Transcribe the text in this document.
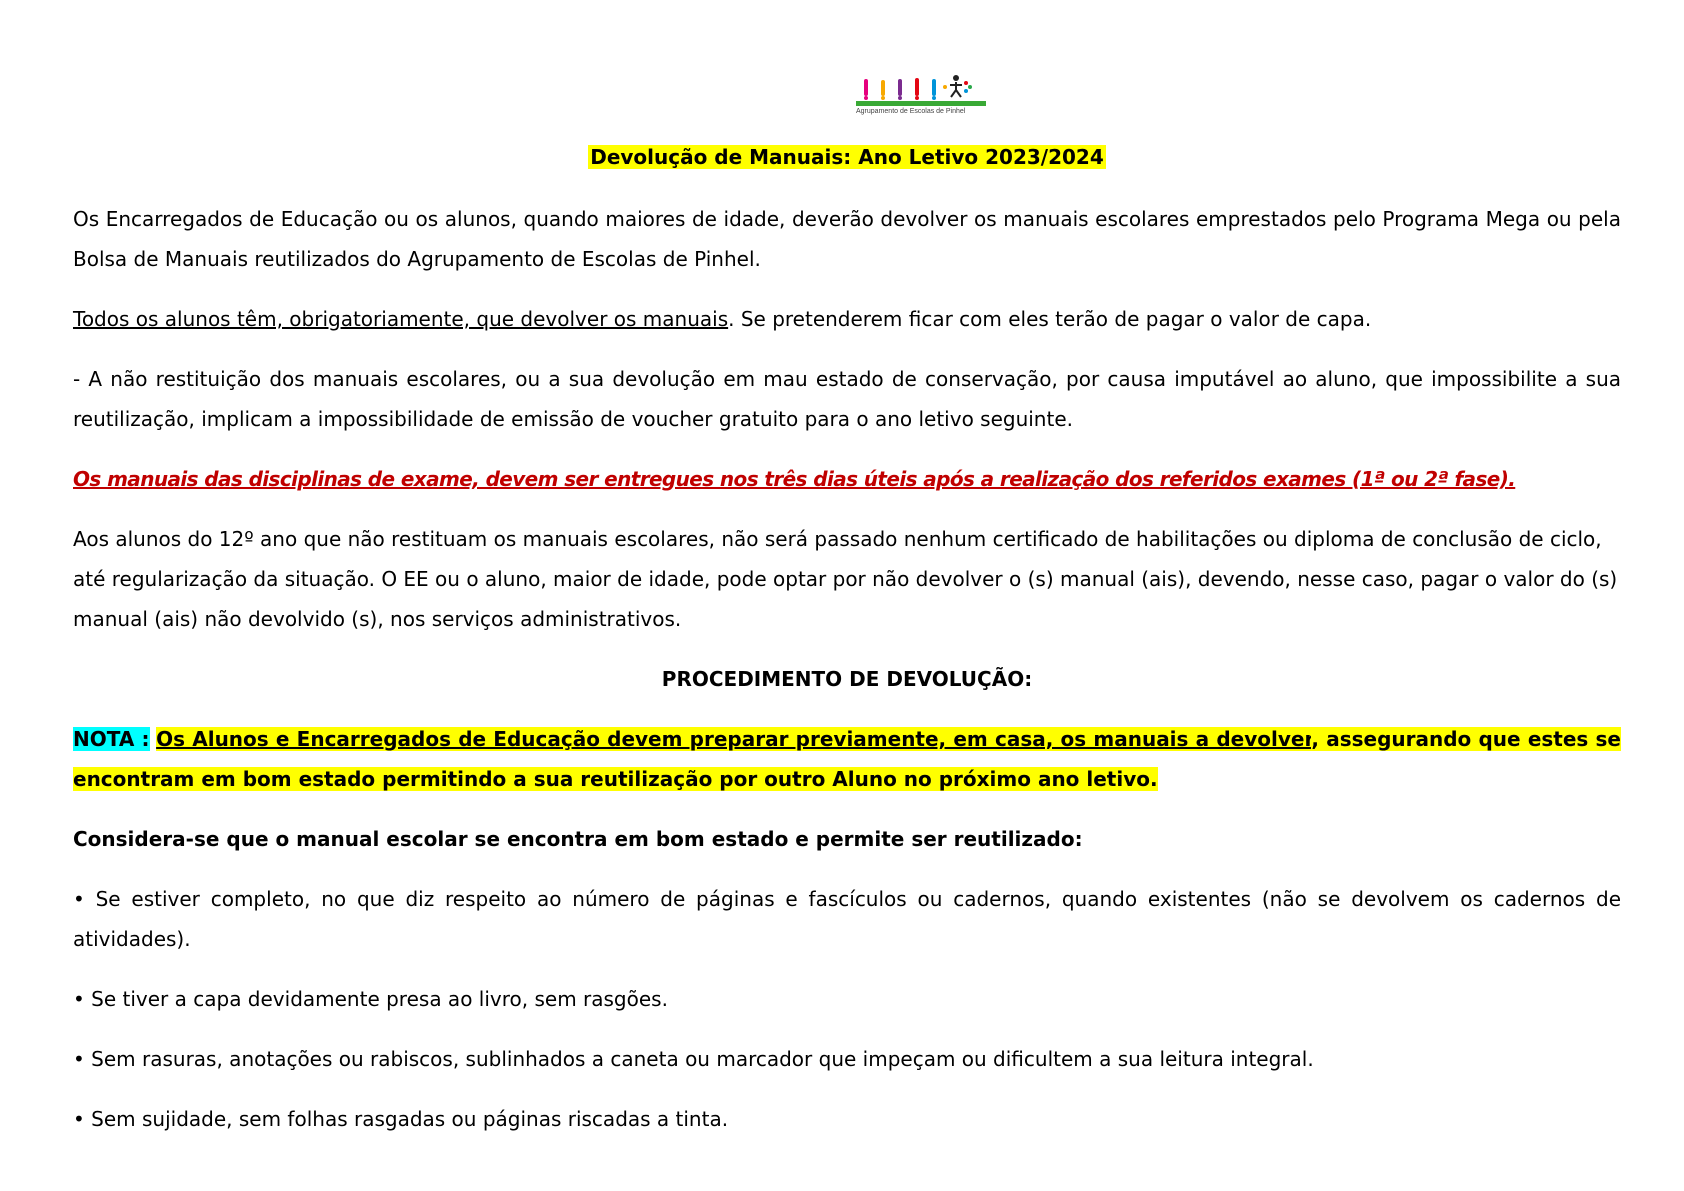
Agrupamento de Escolas de Pinhel
Devolução de Manuais: Ano Letivo 2023/2024
Os Encarregados de Educação ou os alunos, quando maiores de idade, deverão devolver os manuais escolares emprestados pelo Programa Mega ou pela Bolsa de Manuais reutilizados do Agrupamento de Escolas de Pinhel.
Todos os alunos têm, obrigatoriamente, que devolver os manuais. Se pretenderem ficar com eles terão de pagar o valor de capa.
- A não restituição dos manuais escolares, ou a sua devolução em mau estado de conservação, por causa imputável ao aluno, que impossibilite a sua reutilização, implicam a impossibilidade de emissão de voucher gratuito para o ano letivo seguinte.
Os manuais das disciplinas de exame, devem ser entregues nos três dias úteis após a realização dos referidos exames (1ª ou 2ª fase).
Aos alunos do 12º ano que não restituam os manuais escolares, não será passado nenhum certificado de habilitações ou diploma de conclusão de ciclo, até regularização da situação. O EE ou o aluno, maior de idade, pode optar por não devolver o (s) manual (ais), devendo, nesse caso, pagar o valor do (s) manual (ais) não devolvido (s), nos serviços administrativos.
PROCEDIMENTO DE DEVOLUÇÃO:
NOTA : Os Alunos e Encarregados de Educação devem preparar previamente, em casa, os manuais a devolver, assegurando que estes se encontram em bom estado permitindo a sua reutilização por outro Aluno no próximo ano letivo.
Considera-se que o manual escolar se encontra em bom estado e permite ser reutilizado:
• Se estiver completo, no que diz respeito ao número de páginas e fascículos ou cadernos, quando existentes (não se devolvem os cadernos de atividades).
• Se tiver a capa devidamente presa ao livro, sem rasgões.
• Sem rasuras, anotações ou rabiscos, sublinhados a caneta ou marcador que impeçam ou dificultem a sua leitura integral.
• Sem sujidade, sem folhas rasgadas ou páginas riscadas a tinta.
